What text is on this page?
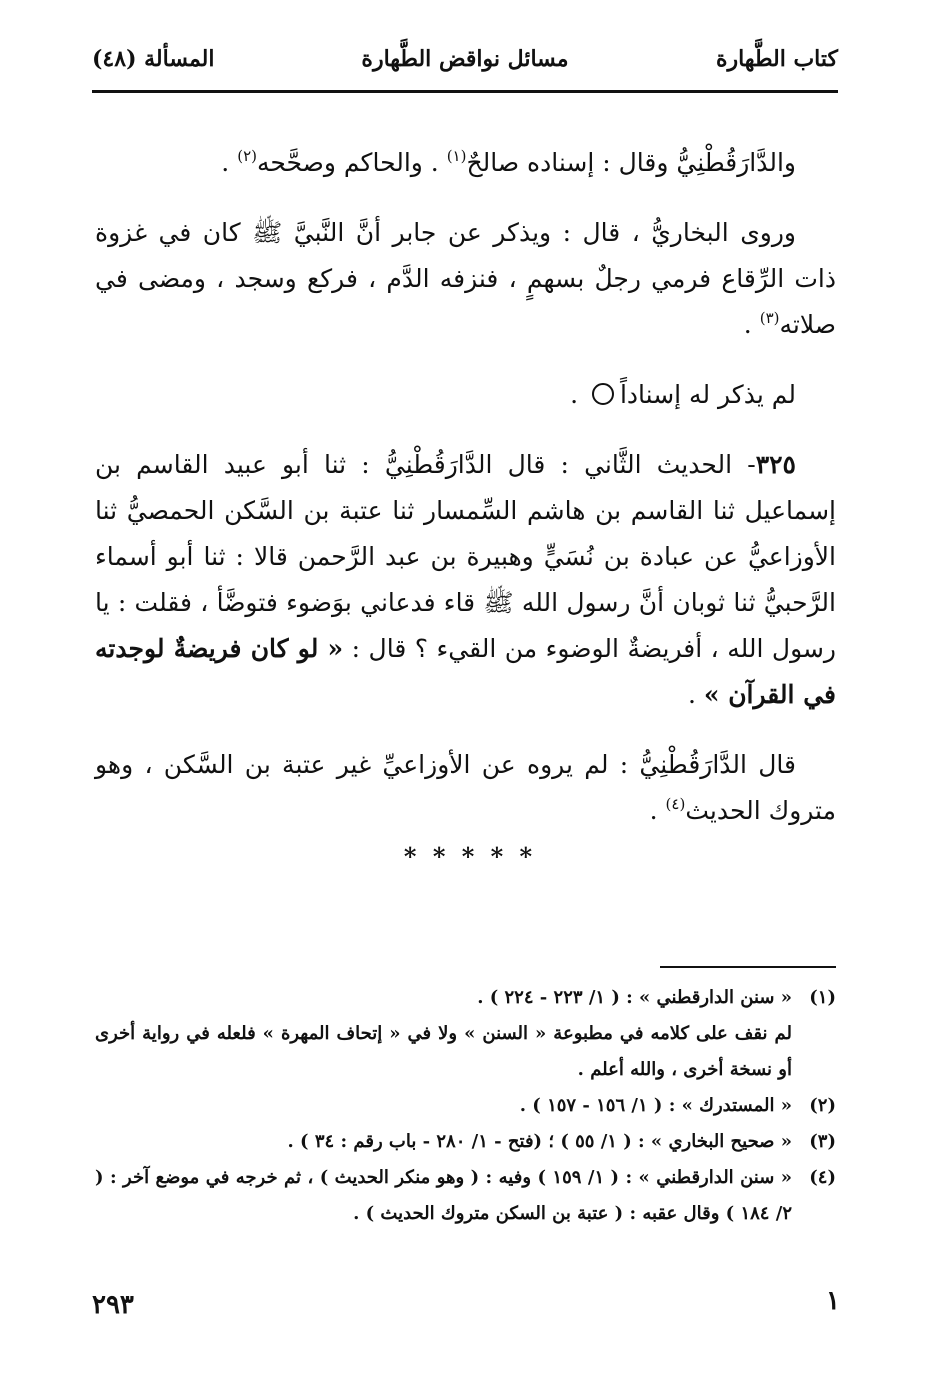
كتاب الطَّهارة
مسائل نواقض الطَّهارة
المسألة (٤٨)

والدَّارَقُطْنِيُّ وقال : إسناده صالحٌ$^{(١)}$ . والحاكم وصحَّحه$^{(٢)}$ .

وروى البخاريُّ ، قال : ويذكر عن جابر أنَّ النَّبيَّ ﷺ كان في غزوة ذات الرِّقاع فرمي رجلٌ بسهمٍ ، فنزفه الدَّم ، فركع وسجد ، ومضى في صلاته$^{(٣)}$ .

لم يذكر له إسناداً .

٣٢٥- الحديث الثَّاني : قال الدَّارَقُطْنِيُّ : ثنا أبو عبيد القاسم بن إسماعيل ثنا القاسم بن هاشم السِّمسار ثنا عتبة بن السَّكن الحمصيُّ ثنا الأوزاعيُّ عن عبادة بن نُسَيٍّ وهبيرة بن عبد الرَّحمن قالا : ثنا أبو أسماء الرَّحبيُّ ثنا ثوبان أنَّ رسول الله ﷺ قاء فدعاني بوَضوء فتوضَّأ ، فقلت : يا رسول الله ، أفريضةٌ الوضوء من القيء ؟ قال : « لو كان فريضةٌ لوجدته في القرآن » .

قال الدَّارَقُطْنِيُّ : لم يروه عن الأوزاعيِّ غير عتبة بن السَّكن ، وهو متروك الحديث$^{(٤)}$ .

* * * * *
(١)
« سنن الدارقطني » : ( ١/ ٢٢٣ - ٢٢٤ ) .
لم نقف على كلامه في مطبوعة « السنن » ولا في « إتحاف المهرة » فلعله في رواية أخرى أو نسخة أخرى ، والله أعلم .
(٢)
« المستدرك » : ( ١/ ١٥٦ - ١٥٧ ) .
(٣)
« صحيح البخاري » : ( ١/ ٥٥ ) ؛ (فتح - ١/ ٢٨٠ - باب رقم : ٣٤ ) .
(٤)
« سنن الدارقطني » : ( ١/ ١٥٩ ) وفيه : ( وهو منكر الحديث ) ، ثم خرجه في موضع آخر : ( ٢/ ١٨٤ ) وقال عقبه : ( عتبة بن السكن متروك الحديث ) .
١
٢٩٣
